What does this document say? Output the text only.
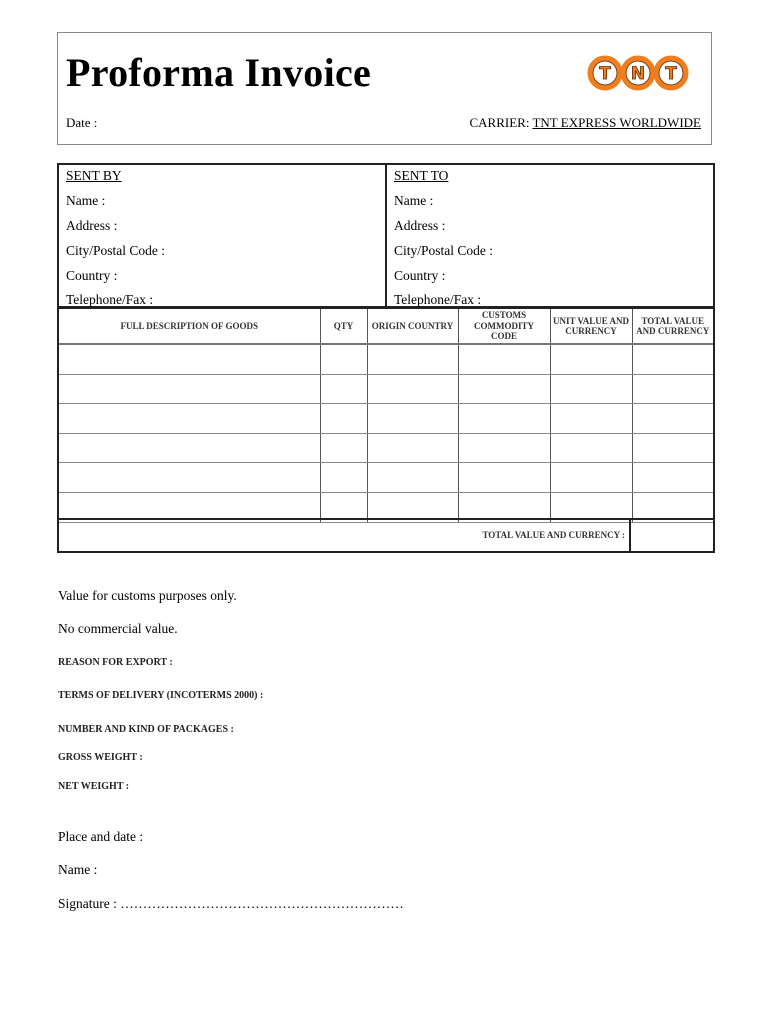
Proforma Invoice	T N T
Date :	CARRIER: TNT EXPRESS WORLDWIDE
SENT BY
Name :
Address :
City/Postal Code :
Country :
Telephone/Fax :
SENT TO
Name :
Address :
City/Postal Code :
Country :
Telephone/Fax :
FULL DESCRIPTION OF GOODS	QTY	ORIGIN COUNTRY	CUSTOMS COMMODITY CODE	UNIT VALUE AND CURRENCY	TOTAL VALUE AND CURRENCY

TOTAL VALUE AND CURRENCY :
Value for customs purposes only.
No commercial value.
REASON FOR EXPORT :
TERMS OF DELIVERY (INCOTERMS 2000) :
NUMBER AND KIND OF PACKAGES :
GROSS WEIGHT :
NET WEIGHT :
Place and date :
Name :
Signature : ………………………………………………………
